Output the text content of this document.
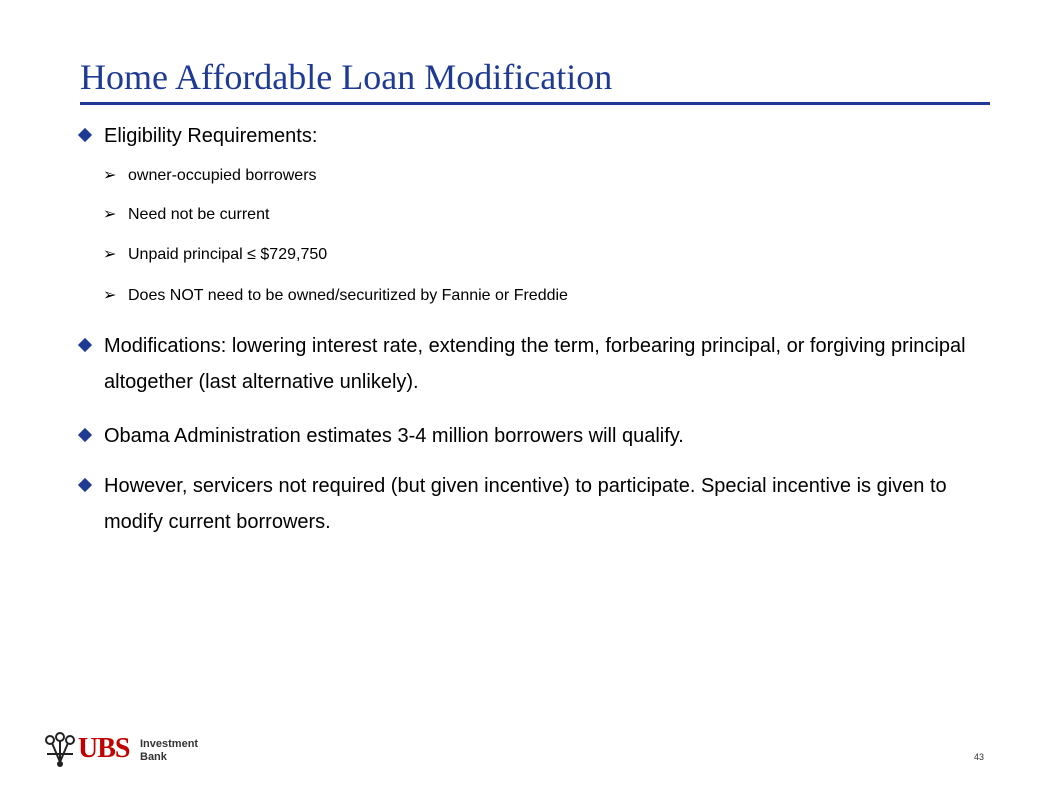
Home Affordable Loan Modification
Eligibility Requirements:
➢ owner-occupied borrowers
➢ Need not be current
➢ Unpaid principal ≤ $729,750
➢ Does NOT need to be owned/securitized by Fannie or Freddie
Modifications: lowering interest rate, extending the term, forbearing principal, or forgiving principal altogether (last alternative unlikely).
Obama Administration estimates 3-4 million borrowers will qualify.
However, servicers not required (but given incentive) to participate. Special incentive is given to modify current borrowers.
UBS Investment
Bank	43
